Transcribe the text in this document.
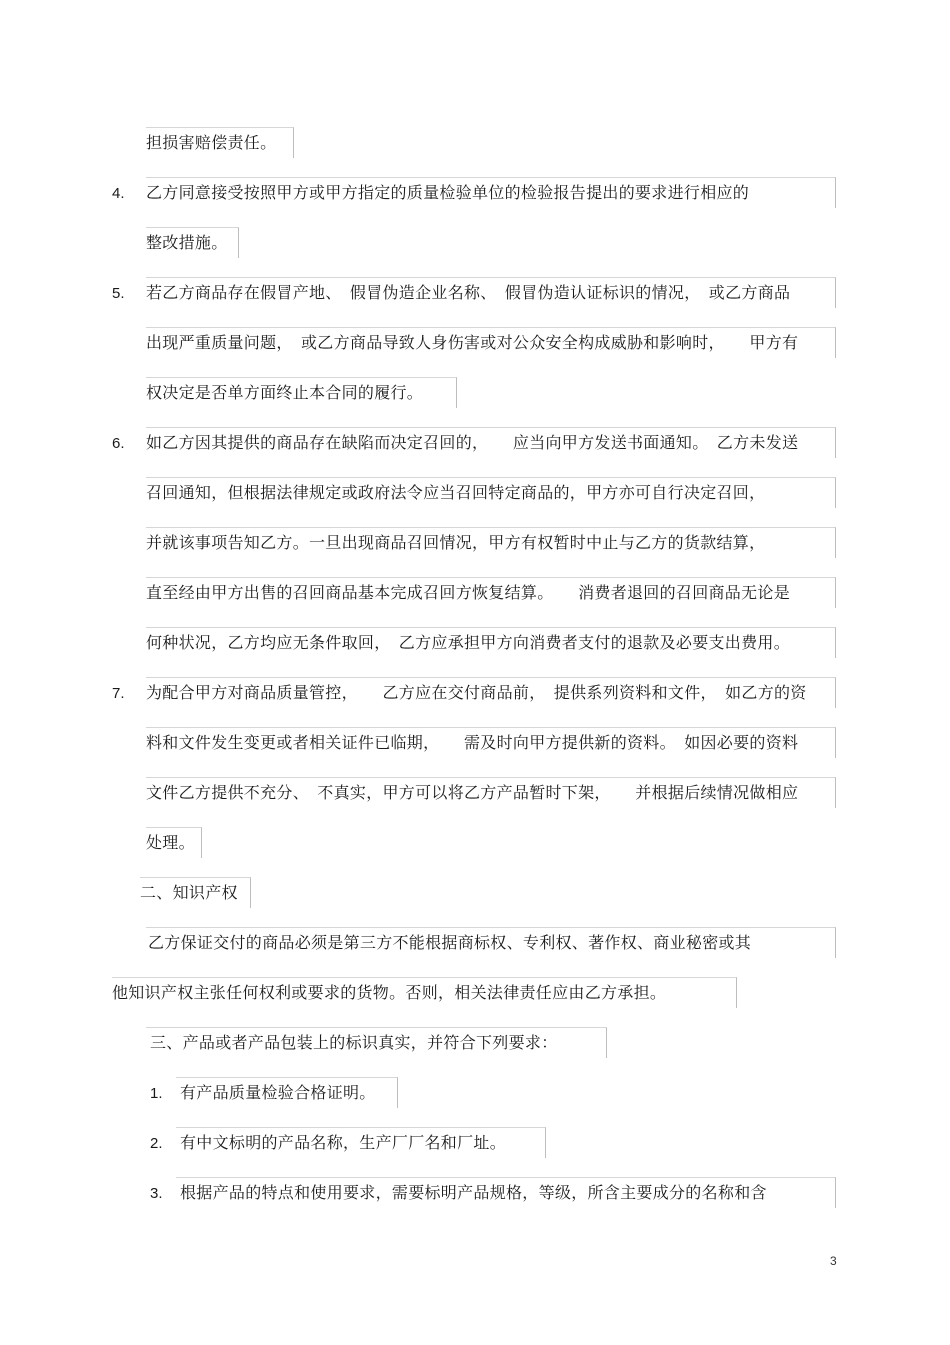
4.
5.
6.
7.
1.
2.
3.
担损害赔偿责任。
乙方同意接受按照甲方或甲方指定的质量检验单位的检验报告提出的要求进行相应的
整改措施。
若乙方商品存在假冒产地、　假冒伪造企业名称、　假冒伪造认证标识的情况，　或乙方商品
出现严重质量问题，　或乙方商品导致人身伤害或对公众安全构成威胁和影响时，　　甲方有
权决定是否单方面终止本合同的履行。
如乙方因其提供的商品存在缺陷而决定召回的，　　应当向甲方发送书面通知。　乙方未发送
召回通知，但根据法律规定或政府法令应当召回特定商品的，甲方亦可自行决定召回，
并就该事项告知乙方。一旦出现商品召回情况，甲方有权暂时中止与乙方的货款结算，
直至经由甲方出售的召回商品基本完成召回方恢复结算。　　消费者退回的召回商品无论是
何种状况，乙方均应无条件取回，　乙方应承担甲方向消费者支付的退款及必要支出费用。
为配合甲方对商品质量管控，　　乙方应在交付商品前，　提供系列资料和文件，　如乙方的资
料和文件发生变更或者相关证件已临期，　　需及时向甲方提供新的资料。　如因必要的资料
文件乙方提供不充分、　不真实，甲方可以将乙方产品暂时下架，　　并根据后续情况做相应
处理。
二、知识产权
乙方保证交付的商品必须是第三方不能根据商标权、专利权、著作权、商业秘密或其
他知识产权主张任何权利或要求的货物。否则，相关法律责任应由乙方承担。
三、产品或者产品包装上的标识真实，并符合下列要求：
有产品质量检验合格证明。
有中文标明的产品名称，生产厂厂名和厂址。
根据产品的特点和使用要求，需要标明产品规格，等级，所含主要成分的名称和含
3
